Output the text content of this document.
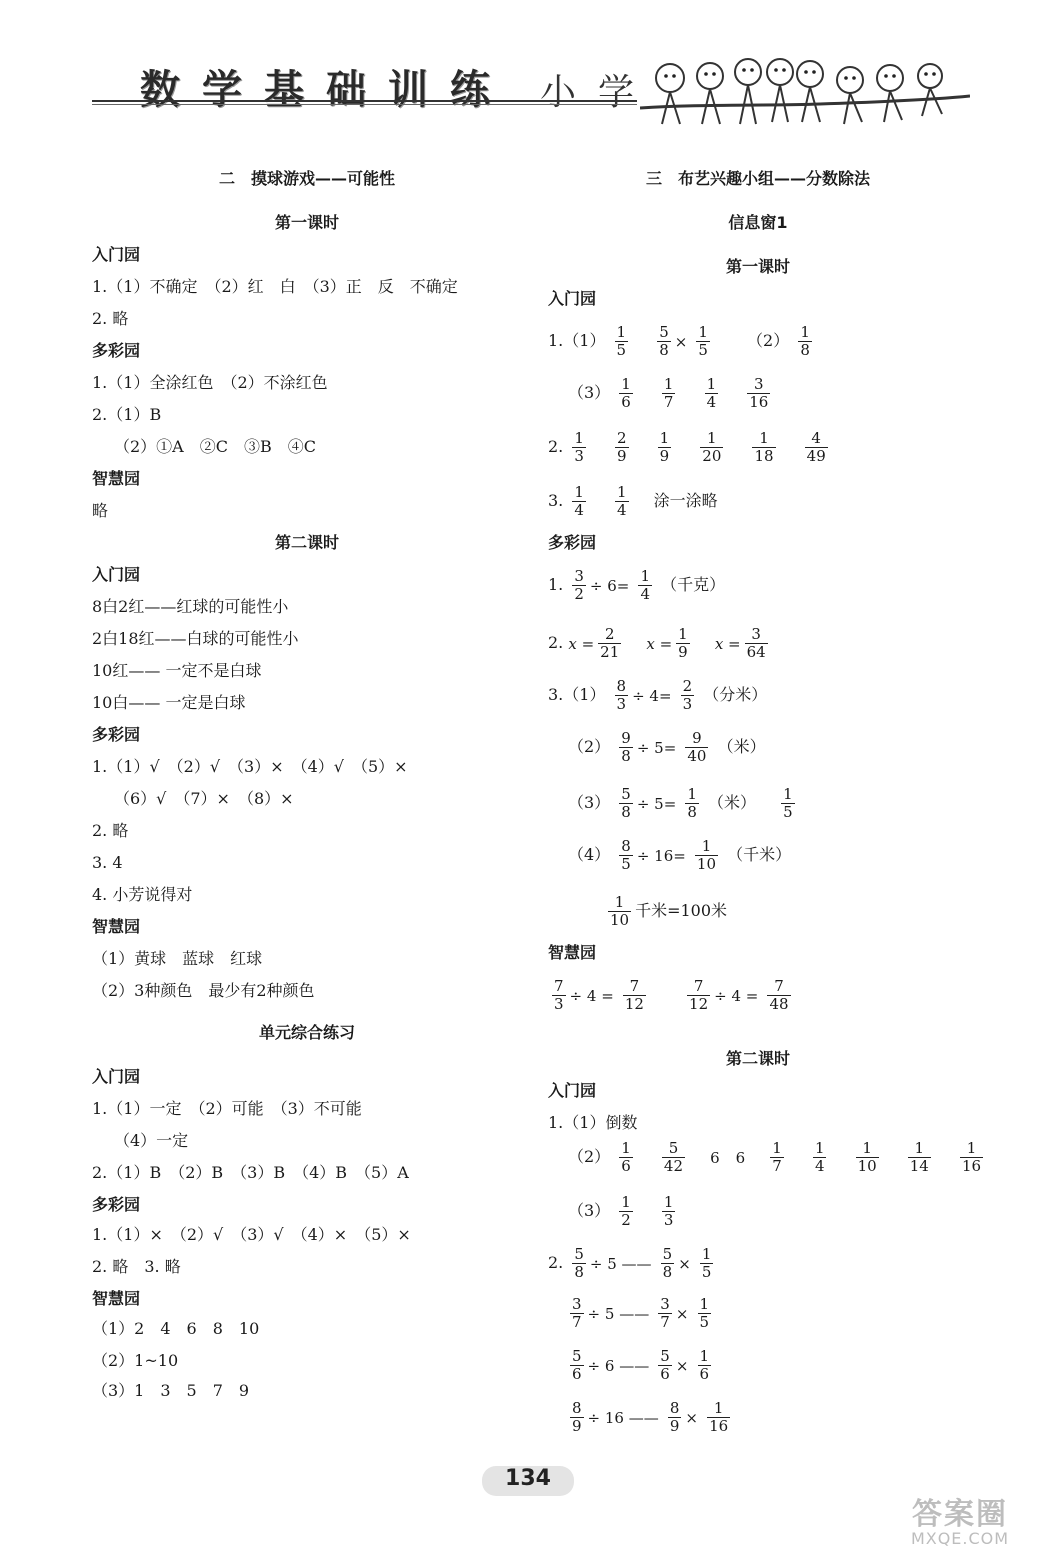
数学基础训练 小学
二　摸球游戏——可能性
第一课时
入门园
1.（1）不确定　（2）红　白　（3）正　反　不确定
2. 略
多彩园
1.（1）全涂红色　（2）不涂红色
2.（1）B
（2）①A　②C　③B　④C
智慧园
略
第二课时
入门园
8白2红——红球的可能性小
2白18红——白球的可能性小
10红—— 一定不是白球
10白—— 一定是白球
多彩园
1.（1）√　（2）√　（3）×　（4）√　（5）×
（6）√　（7）×　（8）×
2. 略
3. 4
4. 小芳说得对
智慧园
（1）黄球　蓝球　红球
（2）3种颜色　最少有2种颜色
单元综合练习
入门园
1.（1）一定　（2）可能　（3）不可能
（4）一定
2.（1）B　（2）B　（3）B　（4）B　（5）A
多彩园
1.（1）×　（2）√　（3）√　（4）×　（5）×
2. 略　3. 略
智慧园
（1）2　4　6　8　10
（2）1~10
（3）1　3　5　7　9
三　布艺兴趣小组——分数除法
信息窗1
第一课时
入门园
$1.(1) \frac{1}{5}$
$\frac{5}{8} \times \frac{1}{5} (2) \frac{1}{8}$
$(3) \frac{1}{6}$
$\frac{1}{7}$
$\frac{1}{4}$
$\frac{3}{16}$
2. $\frac{1}{3}$
$\frac{2}{9}$
$\frac{1}{9}$
$\frac{1}{20}$
$\frac{1}{18}$
$\frac{4}{49}$
3. $\frac{1}{4}$
$\frac{1}{4}$ 涂一涂略
多彩园
1. $\frac{3}{2} \div 6= \frac{1}{4}$ （千克）
2. $x = \frac{2}{21}$ $x = \frac{1}{9}$ $x = \frac{3}{64}$
$3.(1) \frac{8}{3} \div 4= \frac{2}{3}$ （分米）
$(2) \frac{9}{8} \div 5= \frac{9}{40}$ （米）
$(3) \frac{5}{8} \div 5= \frac{1}{8}$ （米） $\frac{1}{5}$
$(4) \frac{8}{5} \div 16= \frac{1}{10}$ （千米）
$\frac{1}{10}$ 千米=100米
智慧园
$\frac{7}{3} \div 4 = \frac{7}{12}$
	$\frac{7}{12} \div 4 = \frac{7}{48}$
第二课时
入门园
1.（1）倒数
$(2) \frac{1}{6}$
$\frac{5}{42} 6$ $6 \frac{1}{7}$
$\frac{1}{4}$
$\frac{1}{10}$
$\frac{1}{14}$
$\frac{1}{16}$
$(3) \frac{1}{2}$
$\frac{1}{3}$
2. $\frac{5}{8} \div 5$ —— $\frac{5}{8} \times \frac{1}{5}$
$\frac{3}{7} \div 5$ —— $\frac{3}{7} \times \frac{1}{5}$
$\frac{5}{6} \div 6$ —— $\frac{5}{6} \times \frac{1}{6}$
$\frac{8}{9} \div 16$ —— $\frac{8}{9} \times \frac{1}{16}$
134
答案圈
MXQE.COM
